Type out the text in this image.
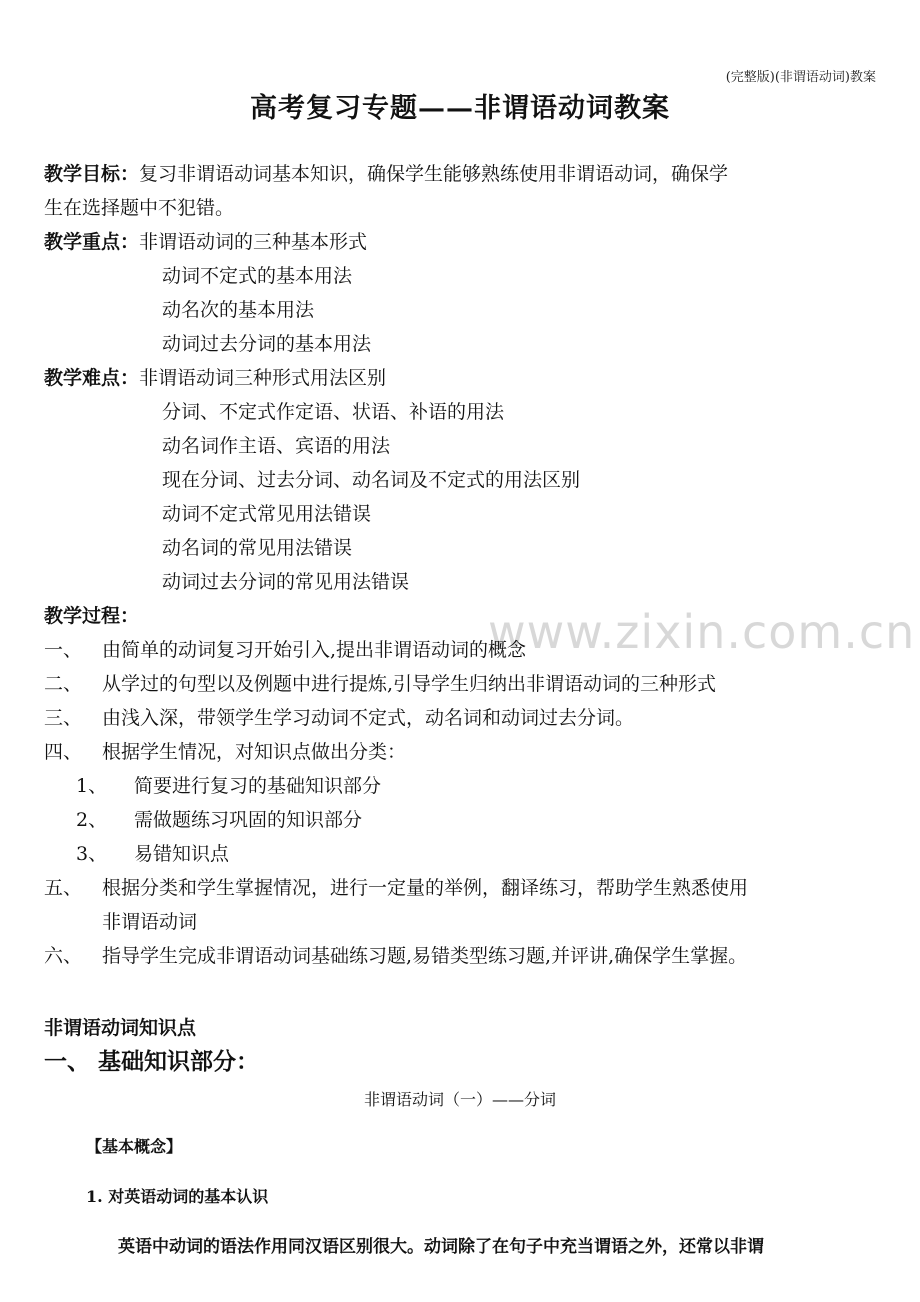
(完整版)(非谓语动词)教案
高考复习专题——非谓语动词教案
www.zixin.com.cn
教学目标：复习非谓语动词基本知识，确保学生能够熟练使用非谓语动词，确保学
生在选择题中不犯错。
教学重点：非谓语动词的三种基本形式
动词不定式的基本用法
动名次的基本用法
动词过去分词的基本用法
教学难点：非谓语动词三种形式用法区别
分词、不定式作定语、状语、补语的用法
动名词作主语、宾语的用法
现在分词、过去分词、动名词及不定式的用法区别
动词不定式常见用法错误
动名词的常见用法错误
动词过去分词的常见用法错误
教学过程：
一、 由简单的动词复习开始引入,提出非谓语动词的概念
二、 从学过的句型以及例题中进行提炼,引导学生归纳出非谓语动词的三种形式
三、 由浅入深，带领学生学习动词不定式，动名词和动词过去分词。
四、 根据学生情况，对知识点做出分类：
1、 简要进行复习的基础知识部分
2、 需做题练习巩固的知识部分
3、 易错知识点
五、 根据分类和学生掌握情况，进行一定量的举例，翻译练习，帮助学生熟悉使用
非谓语动词
六、 指导学生完成非谓语动词基础练习题,易错类型练习题,并评讲,确保学生掌握。
非谓语动词知识点
一、 基础知识部分：
非谓语动词（一）——分词
【基本概念】
1. 对英语动词的基本认识
英语中动词的语法作用同汉语区别很大。动词除了在句子中充当谓语之外，还常以非谓
